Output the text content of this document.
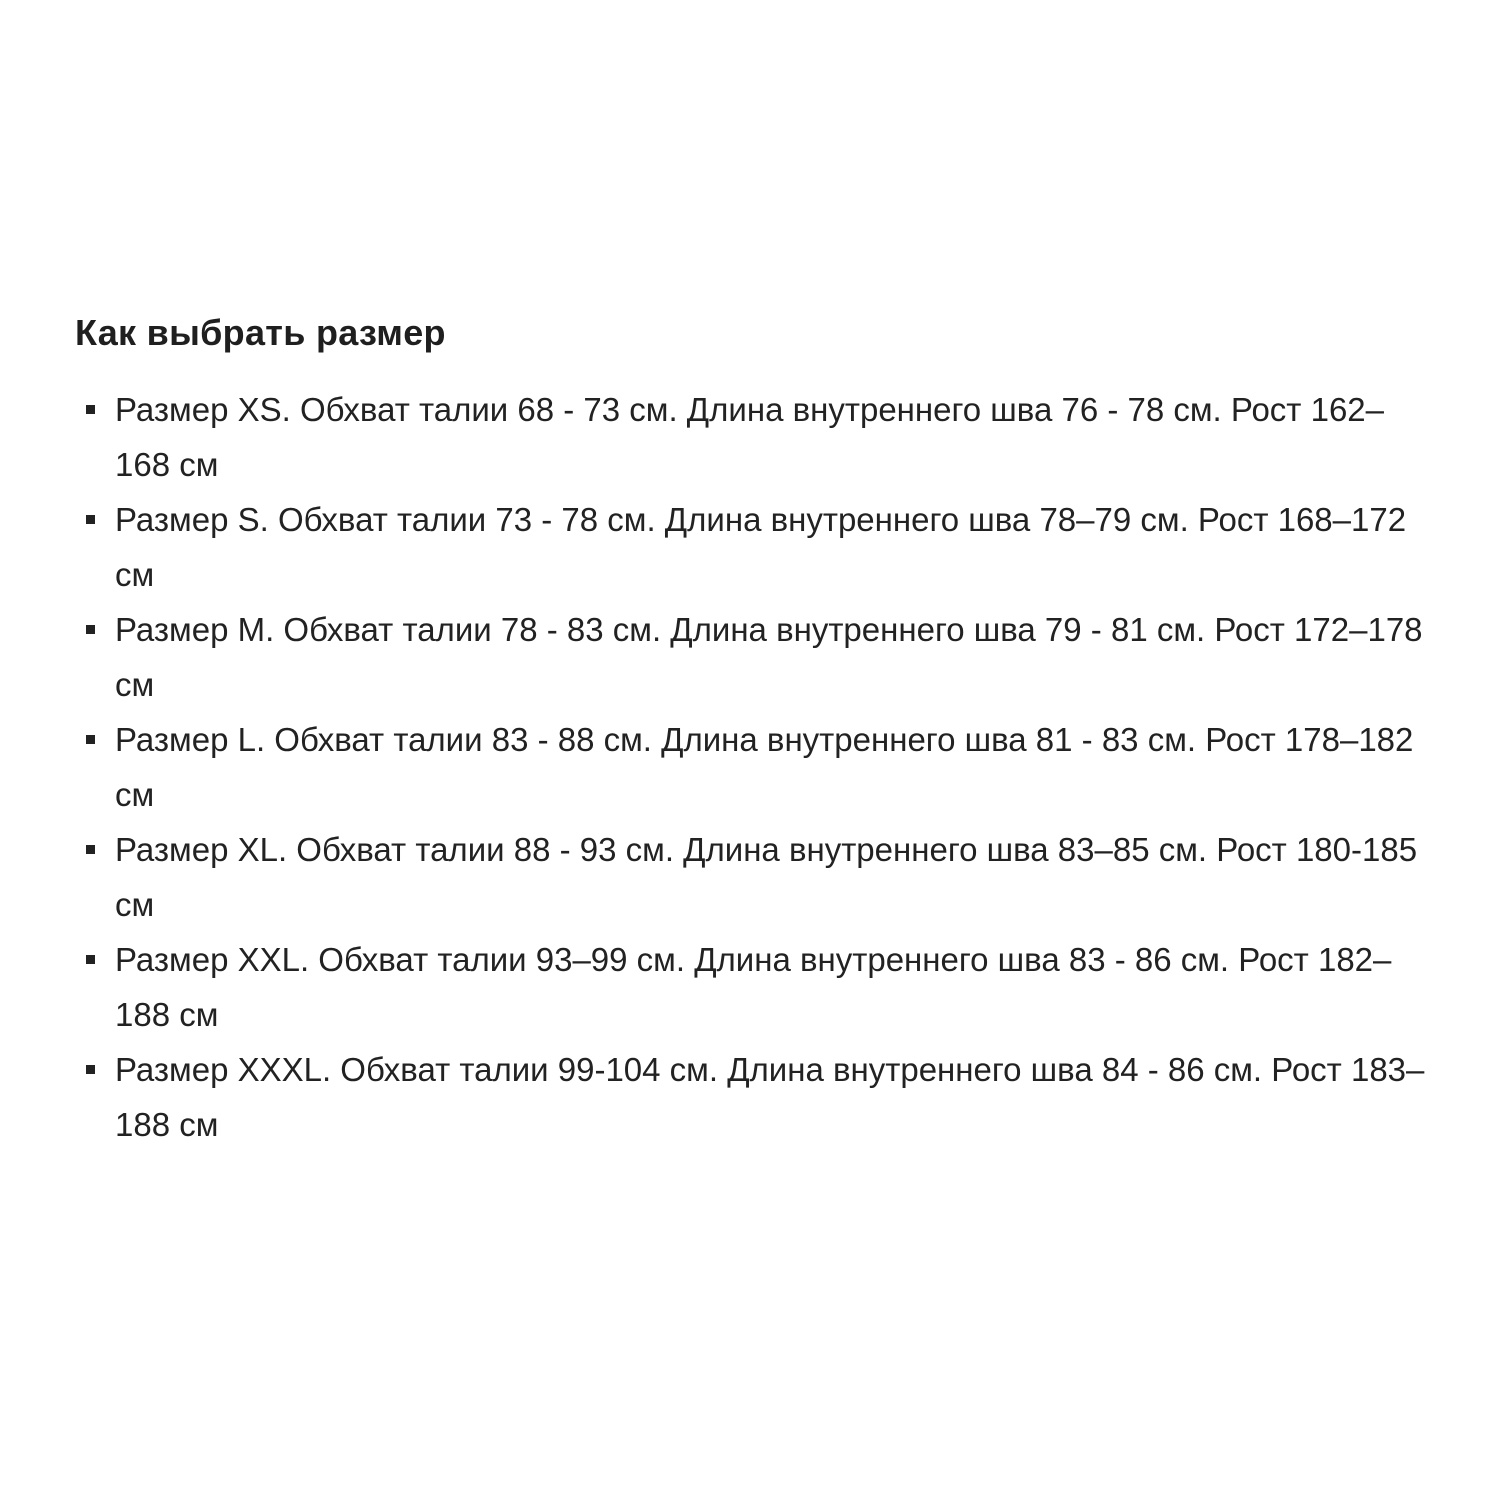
Как выбрать размер
Размер XS. Обхват талии 68 - 73 см. Длина внутреннего шва 76 - 78 см. Рост 162–168 см
Размер S. Обхват талии 73 - 78 см. Длина внутреннего шва 78–79 см. Рост 168–172 см
Размер M. Обхват талии 78 - 83 см. Длина внутреннего шва 79 - 81 см. Рост 172–178 см
Размер L. Обхват талии 83 - 88 см. Длина внутреннего шва 81 - 83 см. Рост 178–182 см
Размер XL. Обхват талии 88 - 93 см. Длина внутреннего шва 83–85 см. Рост 180-185 см
Размер XXL. Обхват талии 93–99 см. Длина внутреннего шва 83 - 86 см. Рост 182–188 см
Размер XXXL. Обхват талии 99-104 см. Длина внутреннего шва 84 - 86 см. Рост 183–188 см
